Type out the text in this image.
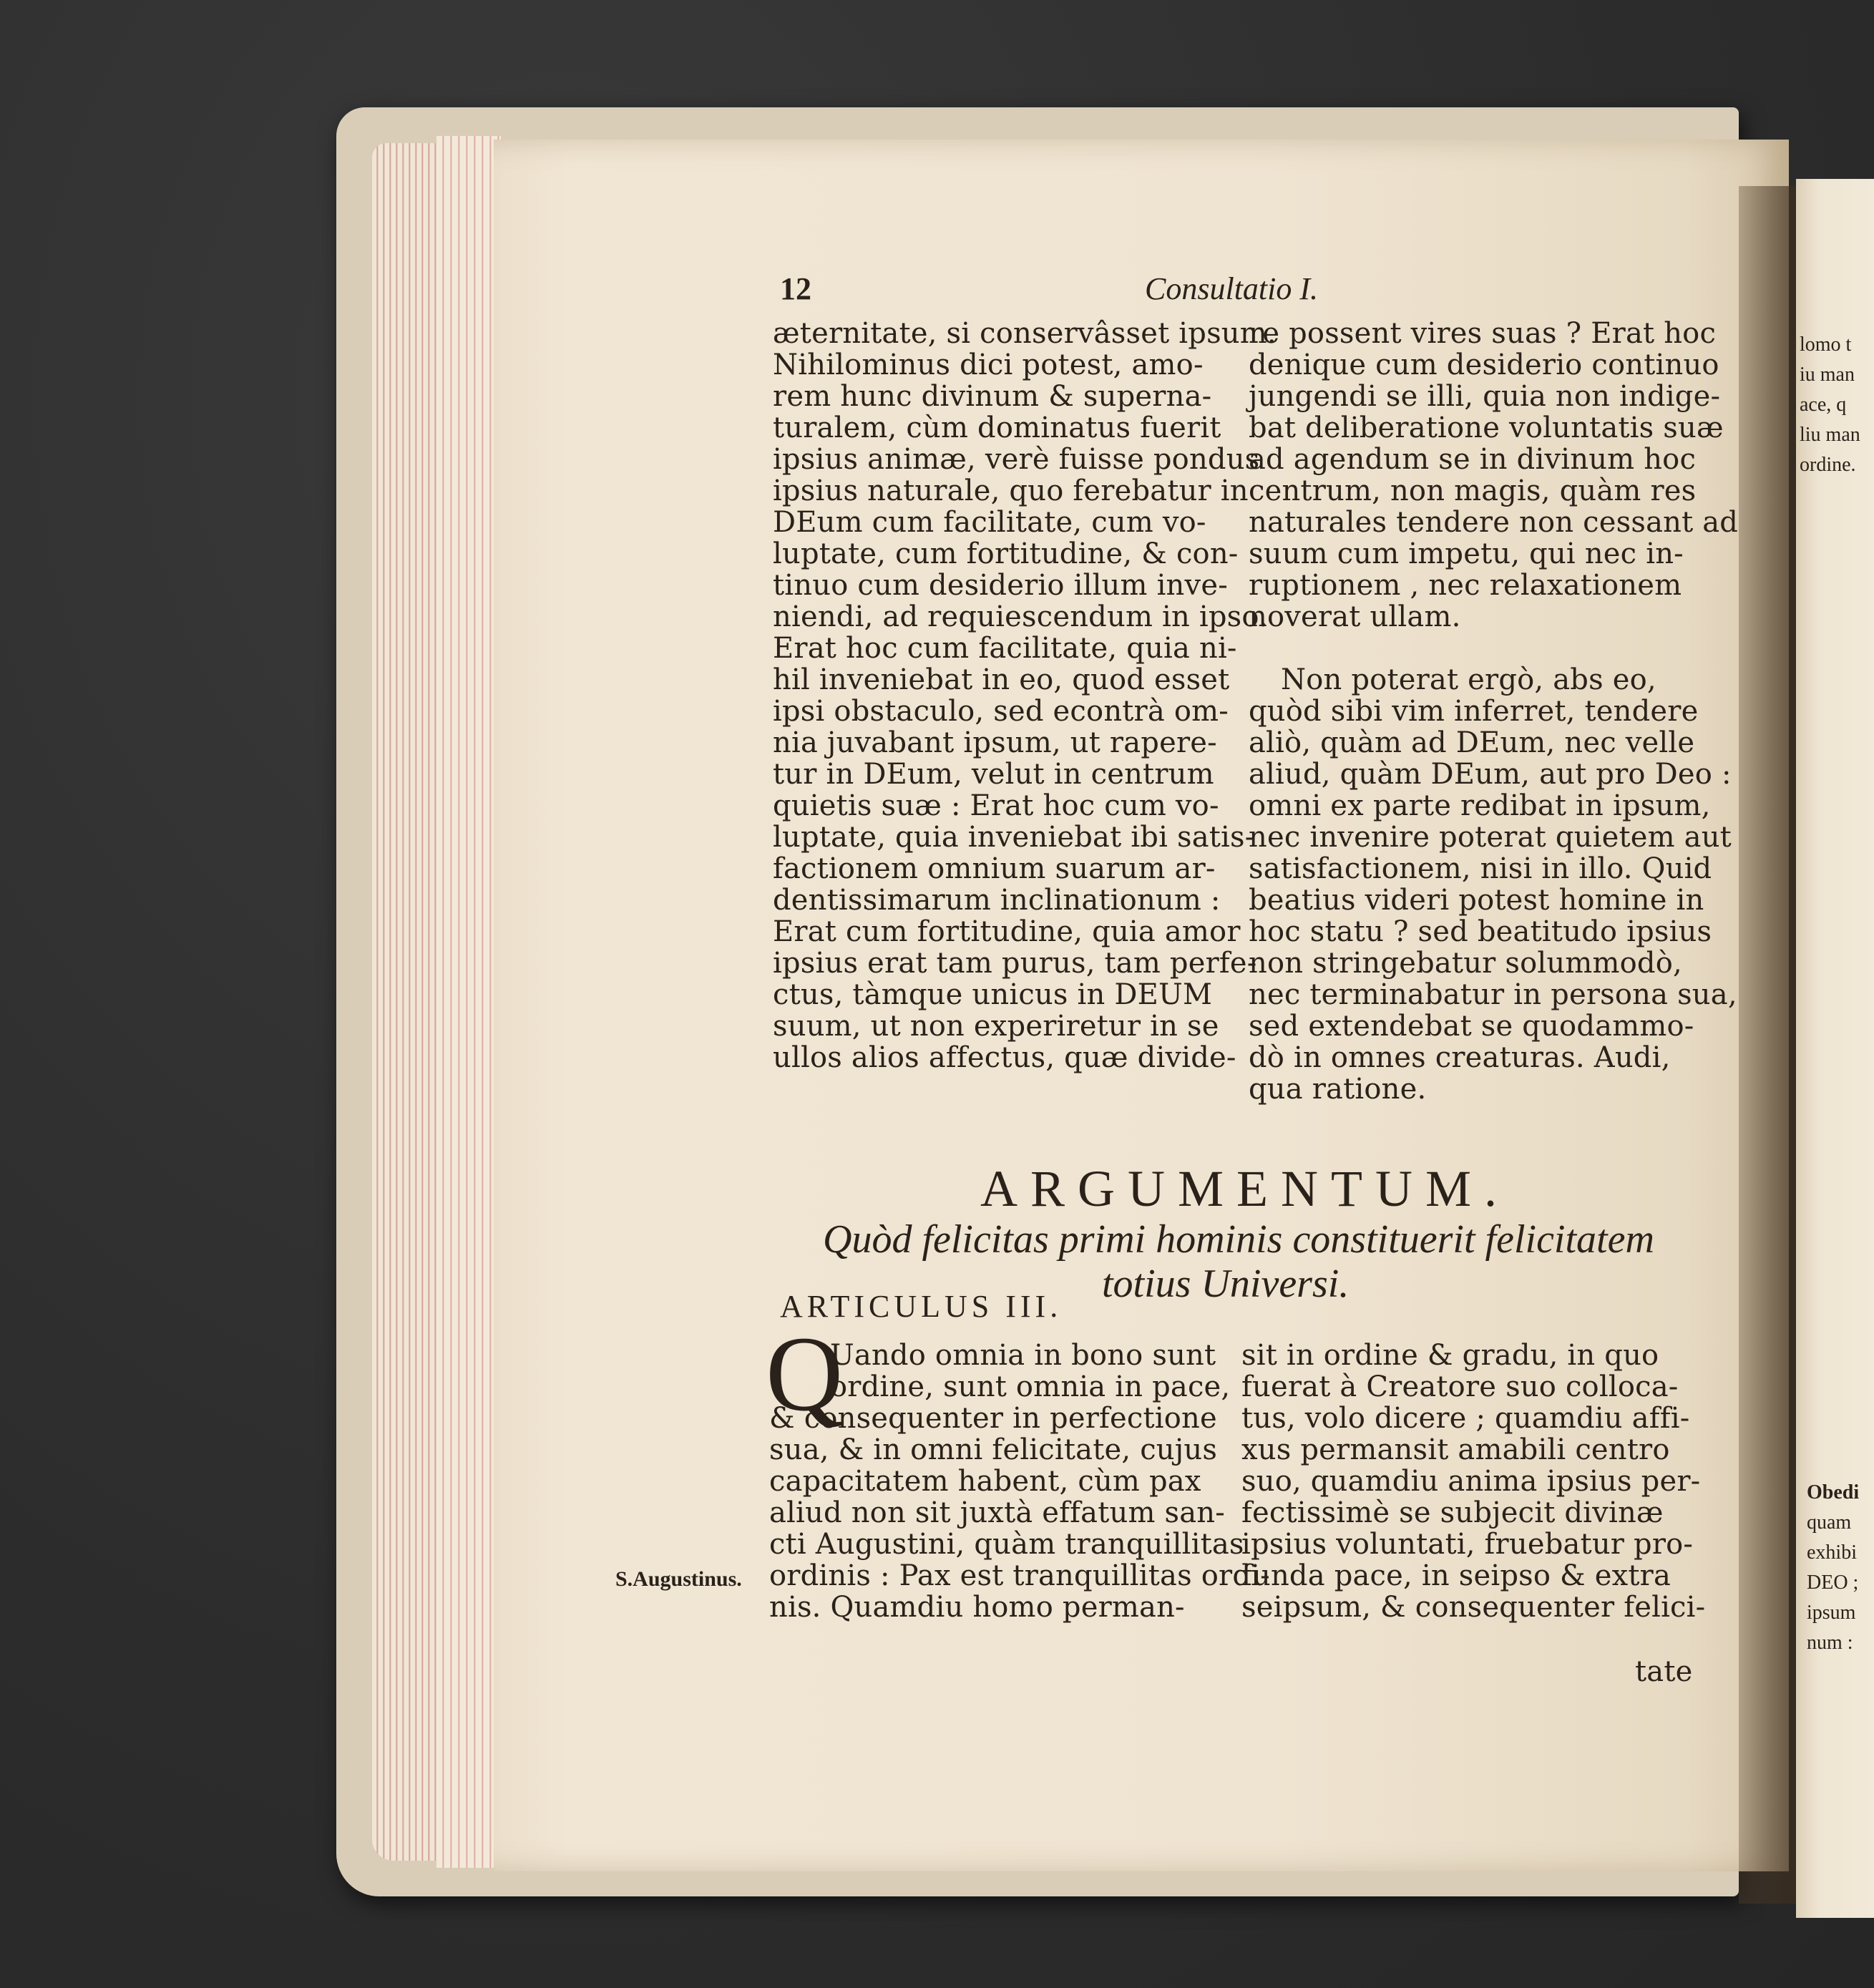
12	Consultatio I.
æternitate, si conservâsset ipsum.
Nihilominus dici potest, amo-
rem hunc divinum & superna-
turalem, cùm dominatus fuerit
ipsius animæ, verè fuisse pondus
ipsius naturale, quo ferebatur in
DEum cum facilitate, cum vo-
luptate, cum fortitudine, & con-
tinuo cum desiderio illum inve-
niendi, ad requiescendum in ipso.
Erat hoc cum facilitate, quia ni-
hil inveniebat in eo, quod esset
ipsi obstaculo, sed econtrà om-
nia juvabant ipsum, ut rapere-
tur in DEum, velut in centrum
quietis suæ : Erat hoc cum vo-
luptate, quia inveniebat ibi satis-
factionem omnium suarum ar-
dentissimarum inclinationum :
Erat cum fortitudine, quia amor
ipsius erat tam purus, tam perfe-
ctus, tàmque unicus in DEUM
suum, ut non experiretur in se
ullos alios affectus, quæ divide-
re possent vires suas ? Erat hoc
denique cum desiderio continuo
jungendi se illi, quia non indige-
bat deliberatione voluntatis suæ
ad agendum se in divinum hoc
centrum, non magis, quàm res
naturales tendere non cessant ad
suum cum impetu, qui nec in-
ruptionem , nec relaxationem
noverat ullam.
Non poterat ergò, abs eo,
quòd sibi vim inferret, tendere
aliò, quàm ad DEum, nec velle
aliud, quàm DEum, aut pro Deo :
omni ex parte redibat in ipsum,
nec invenire poterat quietem aut
satisfactionem, nisi in illo. Quid
beatius videri potest homine in
hoc statu ? sed beatitudo ipsius
non stringebatur solummodò,
nec terminabatur in persona sua,
sed extendebat se quodammo-
dò in omnes creaturas. Audi,
qua ratione.
ARGUMENTUM.
Quòd felicitas primi hominis constituerit felicitatem
totius Universi.
ARTICULUS III.
Q
Uando omnia in bono sunt
ordine, sunt omnia in pace,
& consequenter in perfectione
sua, & in omni felicitate, cujus
capacitatem habent, cùm pax
aliud non sit juxtà effatum san-
cti Augustini, quàm tranquillitas
ordinis : Pax est tranquillitas ordi-
nis. Quamdiu homo perman-
S.Augustinus.
sit in ordine & gradu, in quo
fuerat à Creatore suo colloca-
tus, volo dicere ; quamdiu affi-
xus permansit amabili centro
suo, quamdiu anima ipsius per-
fectissimè se subjecit divinæ
ipsius voluntati, fruebatur pro-
funda pace, in seipso & extra
seipsum, & consequenter felici-
tate
lomo t
iu man
ace, q
liu man
ordine.
Obedi
quam
exhibi
DEO ;
ipsum
num :
